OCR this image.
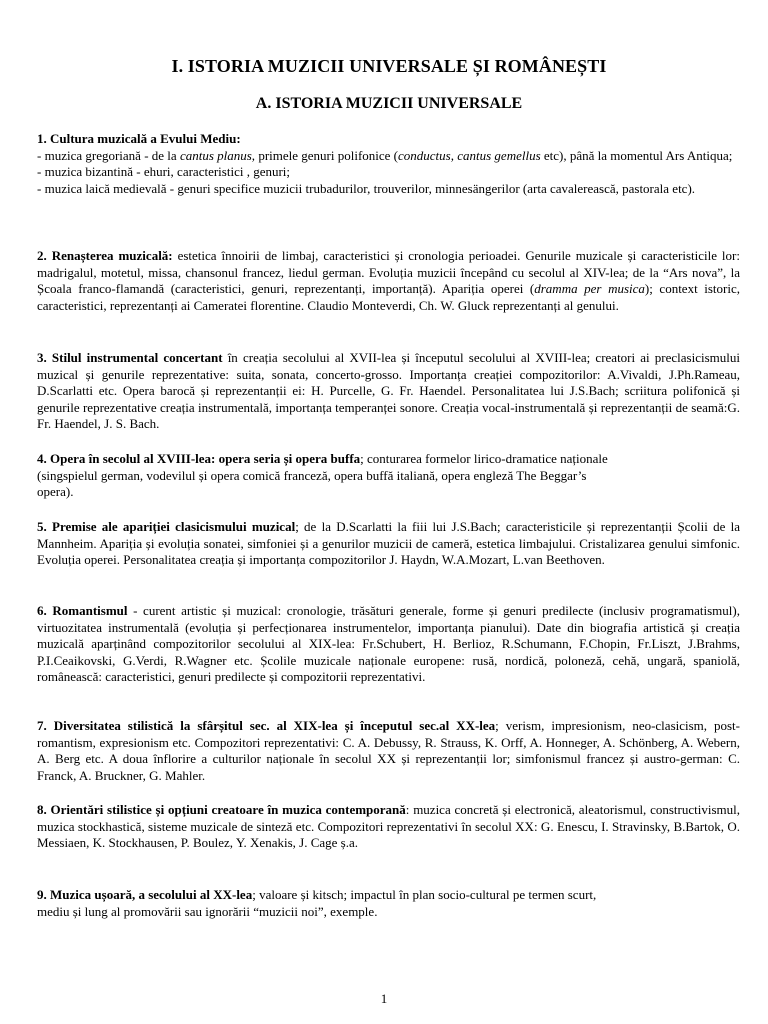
I. ISTORIA MUZICII UNIVERSALE ȘI ROMÂNEȘTI
A. ISTORIA MUZICII UNIVERSALE
1. Cultura muzicală a Evului Mediu:
- muzica gregoriană - de la cantus planus, primele genuri polifonice (conductus, cantus gemellus etc), până la momentul Ars Antiqua;
- muzica bizantină - ehuri, caracteristici , genuri;
- muzica laică medievală - genuri specifice muzicii trubadurilor, trouverilor, minnesängerilor (arta cavalerească, pastorala etc).

2. Renașterea muzicală: estetica înnoirii de limbaj, caracteristici și cronologia perioadei. Genurile muzicale și caracteristicile lor: madrigalul, motetul, missa, chansonul francez, liedul german. Evoluția muzicii începând cu secolul al XIV-lea; de la “Ars nova”, la Școala franco-flamandă (caracteristici, genuri, reprezentanți, importanță). Apariția operei (dramma per musica); context istoric, caracteristici, reprezentanți ai Cameratei florentine. Claudio Monteverdi, Ch. W. Gluck reprezentanți al genului.

3. Stilul instrumental concertant în creația secolului al XVII-lea și începutul secolului al XVIII-lea; creatori ai preclasicismului muzical și genurile reprezentative: suita, sonata, concerto-grosso. Importanța creației compozitorilor: A.Vivaldi, J.Ph.Rameau, D.Scarlatti etc. Opera barocă și reprezentanții ei: H. Purcelle, G. Fr. Haendel. Personalitatea lui J.S.Bach; scriitura polifonică și genurile reprezentative creația instrumentală, importanța temperanței sonore. Creația vocal-instrumentală și reprezentanții de seamă:G. Fr. Haendel, J. S. Bach.

4. Opera în secolul al XVIII-lea: opera seria și opera buffa; conturarea formelor lirico-dramatice naționale
(singspielul german, vodevilul și opera comică franceză, opera buffă italiană, opera engleză The Beggar’s
opera).

5. Premise ale apariției clasicismului muzical; de la D.Scarlatti la fiii lui J.S.Bach; caracteristicile și reprezentanții Școlii de la Mannheim. Apariția și evoluția sonatei, simfoniei și a genurilor muzicii de cameră, estetica limbajului. Cristalizarea genului simfonic. Evoluția operei. Personalitatea creația și importanța compozitorilor J. Haydn, W.A.Mozart, L.van Beethoven.

6. Romantismul - curent artistic și muzical: cronologie, trăsături generale, forme și genuri predilecte (inclusiv programatismul), virtuozitatea instrumentală (evoluția și perfecționarea instrumentelor, importanța pianului). Date din biografia artistică și creația muzicală aparținând compozitorilor secolului al XIX-lea: Fr.Schubert, H. Berlioz, R.Schumann, F.Chopin, Fr.Liszt, J.Brahms, P.I.Ceaikovski, G.Verdi, R.Wagner etc. Școlile muzicale naționale europene: rusă, nordică, poloneză, cehă, ungară, spaniolă, românească: caracteristici, genuri predilecte și compozitorii reprezentativi.

7. Diversitatea stilistică la sfârșitul sec. al XIX-lea și începutul sec.al XX-lea; verism, impresionism, neo-clasicism, post-romantism, expresionism etc. Compozitori reprezentativi: C. A. Debussy, R. Strauss, K. Orff, A. Honneger, A. Schönberg, A. Webern, A. Berg etc. A doua înflorire a culturilor naționale în secolul XX și reprezentanții lor; simfonismul francez și austro-german: C. Franck, A. Bruckner, G. Mahler.

8. Orientări stilistice și opțiuni creatoare în muzica contemporană: muzica concretă și electronică, aleatorismul, constructivismul, muzica stockhastică, sisteme muzicale de sinteză etc. Compozitori reprezentativi în secolul XX: G. Enescu, I. Stravinsky, B.Bartok, O. Messiaen, K. Stockhausen, P. Boulez, Y. Xenakis, J. Cage ș.a.

9. Muzica ușoară, a secolului al XX-lea; valoare și kitsch; impactul în plan socio-cultural pe termen scurt,
mediu și lung al promovării sau ignorării “muzicii noi”, exemple.
1
